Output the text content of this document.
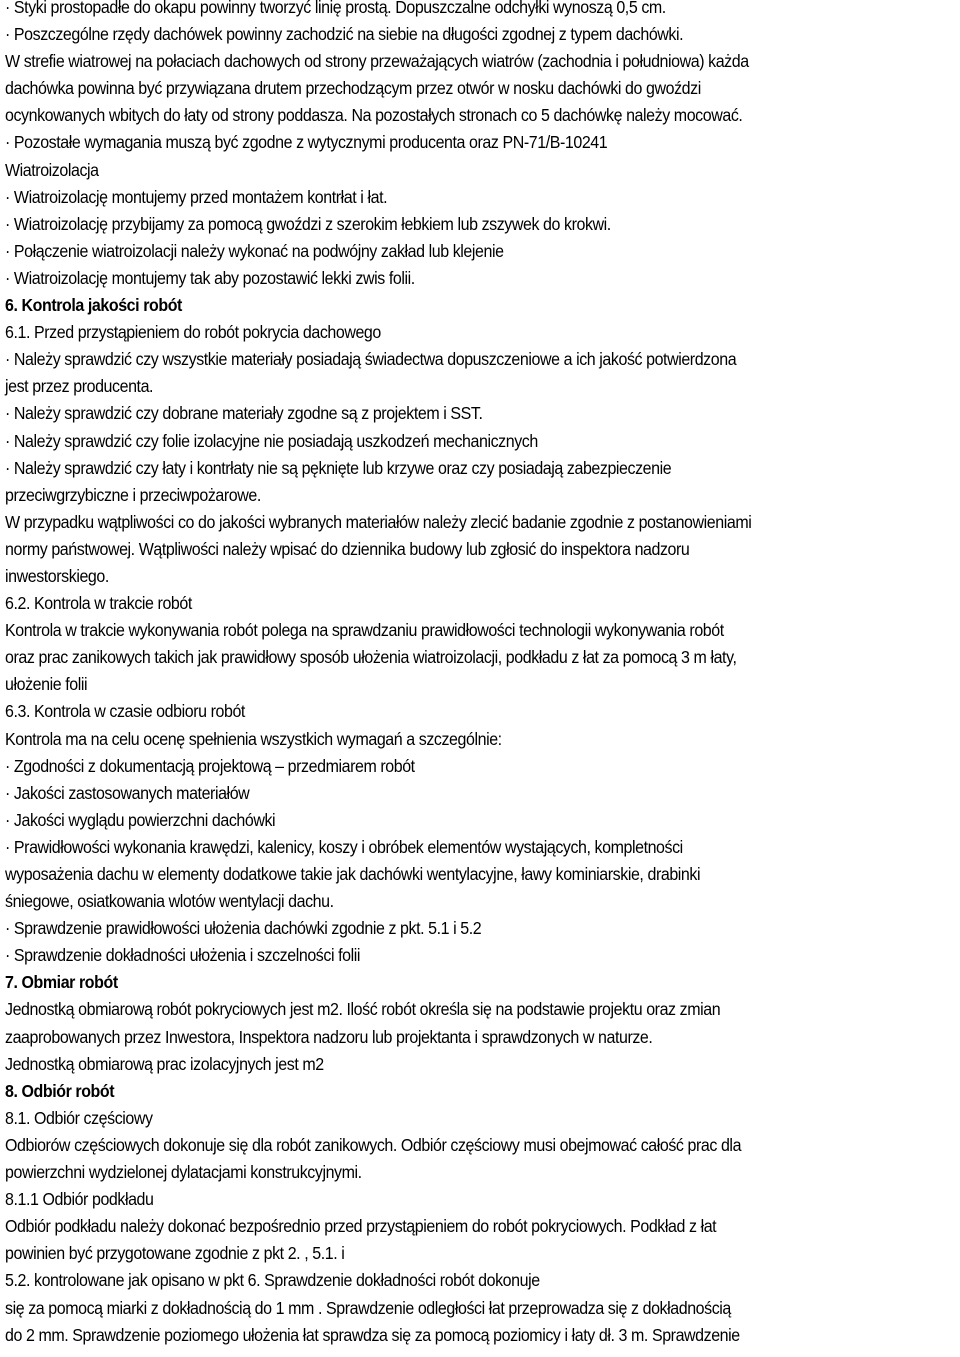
· Styki prostopadłe do okapu powinny tworzyć linię prostą. Dopuszczalne odchyłki wynoszą 0,5 cm.
· Poszczególne rzędy dachówek powinny zachodzić na siebie na długości zgodnej z typem dachówki.
W strefie wiatrowej na połaciach dachowych od strony przeważających wiatrów (zachodnia i południowa) każda
dachówka powinna być przywiązana drutem przechodzącym przez otwór w nosku dachówki do gwoździ
ocynkowanych wbitych do łaty od strony poddasza. Na pozostałych stronach co 5 dachówkę należy mocować.
· Pozostałe wymagania muszą być zgodne z wytycznymi producenta oraz PN-71/B-10241
Wiatroizolacja
· Wiatroizolację montujemy przed montażem kontrłat i łat.
· Wiatroizolację przybijamy za pomocą gwoździ z szerokim łebkiem lub zszywek do krokwi.
· Połączenie wiatroizolacji należy wykonać na podwójny zakład lub klejenie
· Wiatroizolację montujemy tak aby pozostawić lekki zwis folii.
6. Kontrola jakości robót
6.1. Przed przystąpieniem do robót pokrycia dachowego
· Należy sprawdzić czy wszystkie materiały posiadają świadectwa dopuszczeniowe a ich jakość potwierdzona
jest przez producenta.
· Należy sprawdzić czy dobrane materiały zgodne są z projektem i SST.
· Należy sprawdzić czy folie izolacyjne nie posiadają uszkodzeń mechanicznych
· Należy sprawdzić czy łaty i kontrłaty nie są pęknięte lub krzywe oraz czy posiadają zabezpieczenie
przeciwgrzybiczne i przeciwpożarowe.
W przypadku wątpliwości co do jakości wybranych materiałów należy zlecić badanie zgodnie z postanowieniami
normy państwowej. Wątpliwości należy wpisać do dziennika budowy lub zgłosić do inspektora nadzoru
inwestorskiego.
6.2. Kontrola w trakcie robót
Kontrola w trakcie wykonywania robót polega na sprawdzaniu prawidłowości technologii wykonywania robót
oraz prac zanikowych takich jak prawidłowy sposób ułożenia wiatroizolacji, podkładu z łat za pomocą 3 m łaty,
ułożenie folii
6.3. Kontrola w czasie odbioru robót
Kontrola ma na celu ocenę spełnienia wszystkich wymagań a szczególnie:
· Zgodności z dokumentacją projektową – przedmiarem robót
· Jakości zastosowanych materiałów
· Jakości wyglądu powierzchni dachówki
· Prawidłowości wykonania krawędzi, kalenicy, koszy i obróbek elementów wystających, kompletności
wyposażenia dachu w elementy dodatkowe takie jak dachówki wentylacyjne, ławy kominiarskie, drabinki
śniegowe, osiatkowania wlotów wentylacji dachu.
· Sprawdzenie prawidłowości ułożenia dachówki zgodnie z pkt. 5.1 i 5.2
· Sprawdzenie dokładności ułożenia i szczelności folii
7. Obmiar robót
Jednostką obmiarową robót pokryciowych jest m2. Ilość robót określa się na podstawie projektu oraz zmian
zaaprobowanych przez Inwestora, Inspektora nadzoru lub projektanta i sprawdzonych w naturze.
Jednostką obmiarową prac izolacyjnych jest m2
8. Odbiór robót
8.1. Odbiór częściowy
Odbiorów częściowych dokonuje się dla robót zanikowych. Odbiór częściowy musi obejmować całość prac dla
powierzchni wydzielonej dylatacjami konstrukcyjnymi.
8.1.1 Odbiór podkładu
Odbiór podkładu należy dokonać bezpośrednio przed przystąpieniem do robót pokryciowych. Podkład z łat
powinien być przygotowane zgodnie z pkt 2. , 5.1. i
5.2. kontrolowane jak opisano w pkt 6. Sprawdzenie dokładności robót dokonuje
się za pomocą miarki z dokładnością do 1 mm . Sprawdzenie odległości łat przeprowadza się z dokładnością
do 2 mm. Sprawdzenie poziomego ułożenia łat sprawdza się za pomocą poziomicy i łaty dł. 3 m. Sprawdzenie
